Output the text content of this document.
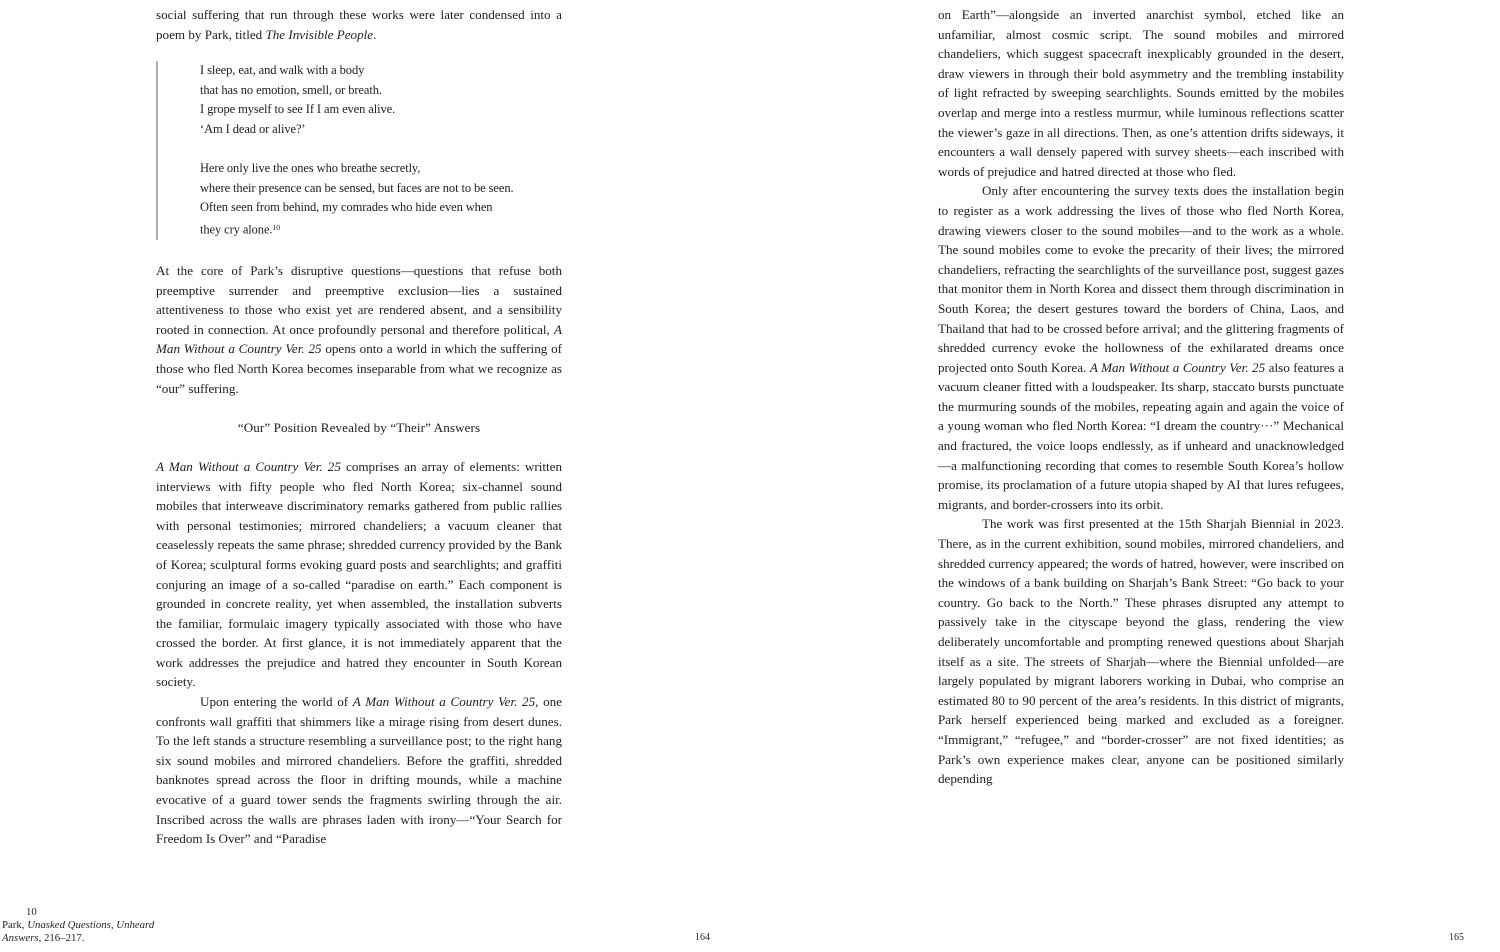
social suffering that run through these works were later condensed into a poem by Park, titled The Invisible People.

I sleep, eat, and walk with a body
that has no emotion, smell, or breath.
I grope myself to see If I am even alive.
‘Am I dead or alive?’
Here only live the ones who breathe secretly,
where their presence can be sensed, but faces are not to be seen.
Often seen from behind, my comrades who hide even when
they cry alone.$^{10}$

At the core of Park’s disruptive questions—questions that refuse both preemptive surrender and preemptive exclusion—lies a sustained attentiveness to those who exist yet are rendered absent, and a sensibility rooted in connection. At once profoundly personal and therefore political, A Man Without a Country Ver. 25 opens onto a world in which the suffering of those who fled North Korea becomes inseparable from what we recognize as “our” suffering.

“Our” Position Revealed by “Their” Answers

A Man Without a Country Ver. 25 comprises an array of elements: written interviews with fifty people who fled North Korea; six-channel sound mobiles that interweave discriminatory remarks gathered from public rallies with personal testimonies; mirrored chandeliers; a vacuum cleaner that ceaselessly repeats the same phrase; shredded currency provided by the Bank of Korea; sculptural forms evoking guard posts and searchlights; and graffiti conjuring an image of a so-called “paradise on earth.” Each component is grounded in concrete reality, yet when assembled, the installation subverts the familiar, formulaic imagery typically associated with those who have crossed the border. At first glance, it is not immediately apparent that the work addresses the prejudice and hatred they encounter in South Korean society.

Upon entering the world of A Man Without a Country Ver. 25, one confronts wall graffiti that shimmers like a mirage rising from desert dunes. To the left stands a structure resembling a surveillance post; to the right hang six sound mobiles and mirrored chandeliers. Before the graffiti, shredded banknotes spread across the floor in drifting mounds, while a machine evocative of a guard tower sends the fragments swirling through the air. Inscribed across the walls are phrases laden with irony—“Your Search for Freedom Is Over” and “Paradise

10
Park, Unasked Questions, Unheard Answers, 216–217.	164

on Earth”—alongside an inverted anarchist symbol, etched like an unfamiliar, almost cosmic script. The sound mobiles and mirrored chandeliers, which suggest spacecraft inexplicably grounded in the desert, draw viewers in through their bold asymmetry and the trembling instability of light refracted by sweeping searchlights. Sounds emitted by the mobiles overlap and merge into a restless murmur, while luminous reflections scatter the viewer’s gaze in all directions. Then, as one’s attention drifts sideways, it encounters a wall densely papered with survey sheets—each inscribed with words of prejudice and hatred directed at those who fled.

Only after encountering the survey texts does the installation begin to register as a work addressing the lives of those who fled North Korea, drawing viewers closer to the sound mobiles—and to the work as a whole. The sound mobiles come to evoke the precarity of their lives; the mirrored chandeliers, refracting the searchlights of the surveillance post, suggest gazes that monitor them in North Korea and dissect them through discrimination in South Korea; the desert gestures toward the borders of China, Laos, and Thailand that had to be crossed before arrival; and the glittering fragments of shredded currency evoke the hollowness of the exhilarated dreams once projected onto South Korea. A Man Without a Country Ver. 25 also features a vacuum cleaner fitted with a loudspeaker. Its sharp, staccato bursts punctuate the murmuring sounds of the mobiles, repeating again and again the voice of a young woman who fled North Korea: “I dream the country···” Mechanical and fractured, the voice loops endlessly, as if unheard and unacknowledged—a malfunctioning recording that comes to resemble South Korea’s hollow promise, its proclamation of a future utopia shaped by AI that lures refugees, migrants, and border-crossers into its orbit.

The work was first presented at the 15th Sharjah Biennial in 2023. There, as in the current exhibition, sound mobiles, mirrored chandeliers, and shredded currency appeared; the words of hatred, however, were inscribed on the windows of a bank building on Sharjah’s Bank Street: “Go back to your country. Go back to the North.” These phrases disrupted any attempt to passively take in the cityscape beyond the glass, rendering the view deliberately uncomfortable and prompting renewed questions about Sharjah itself as a site. The streets of Sharjah—where the Biennial unfolded—are largely populated by migrant laborers working in Dubai, who comprise an estimated 80 to 90 percent of the area’s residents. In this district of migrants, Park herself experienced being marked and excluded as a foreigner. “Immigrant,” “refugee,” and “border-crosser” are not fixed identities; as Park’s own experience makes clear, anyone can be positioned similarly depending

165
